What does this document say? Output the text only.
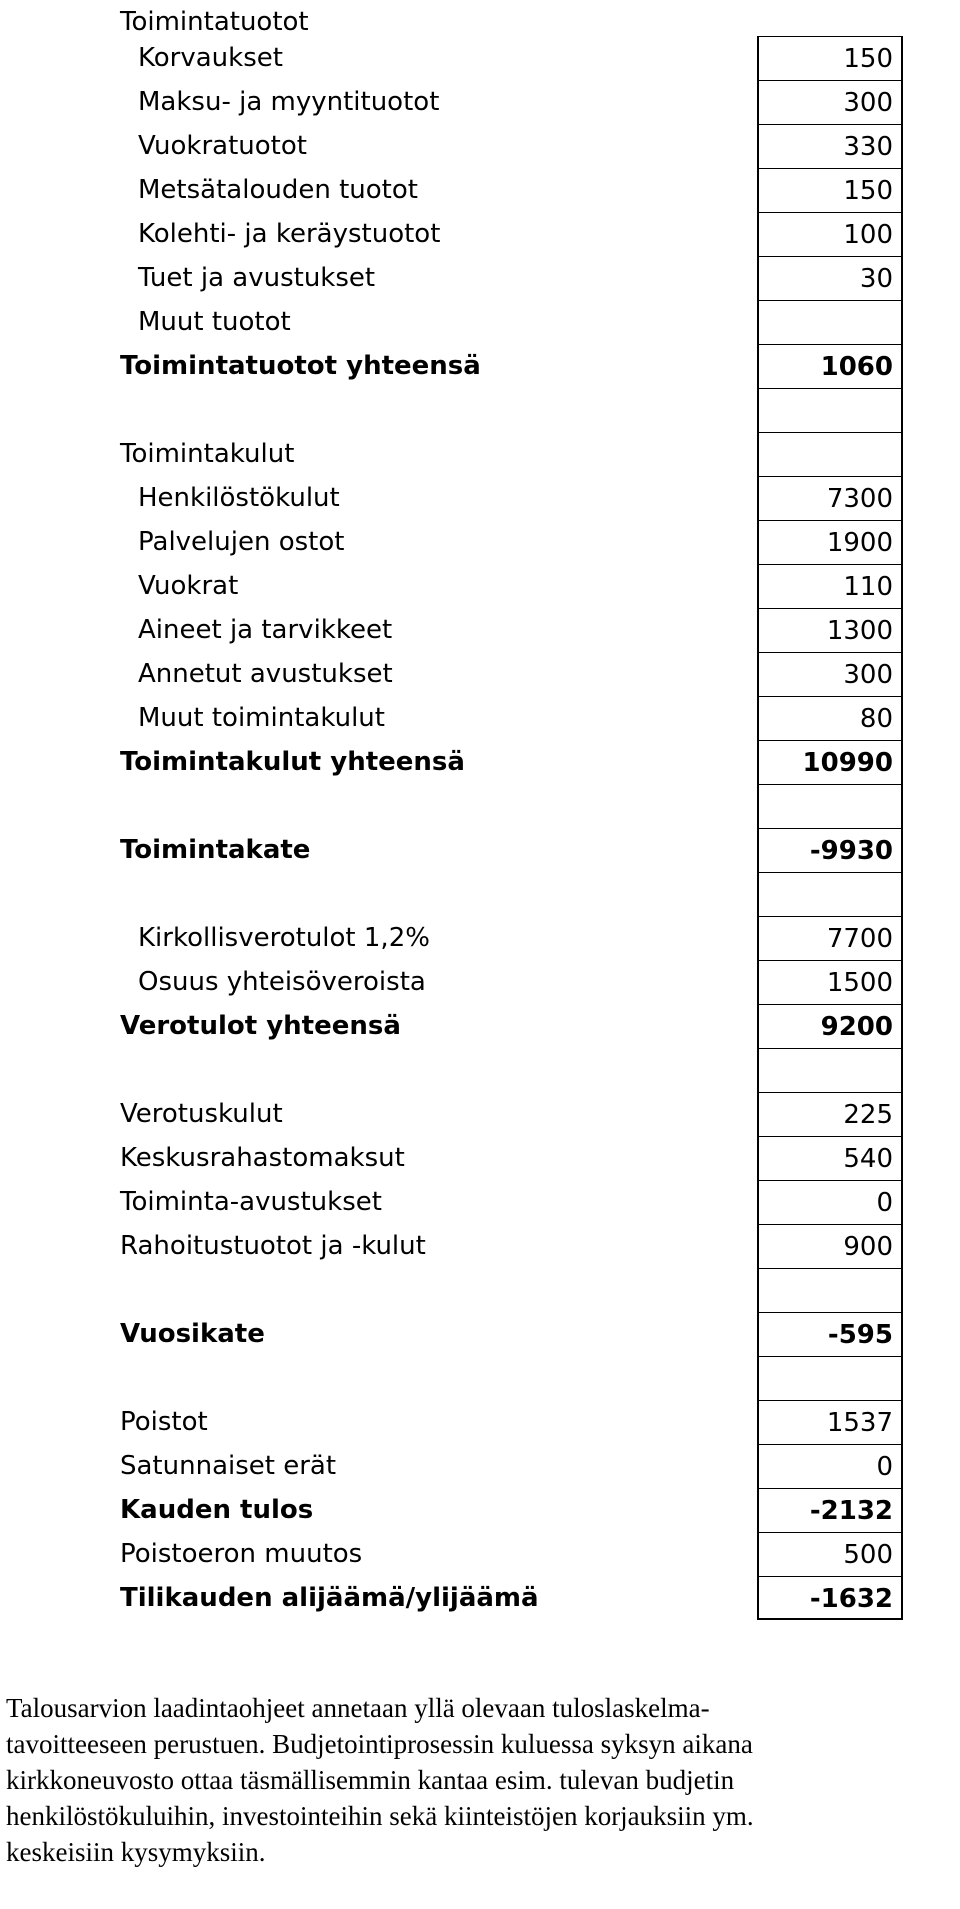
Toimintatuotot
Korvaukset	150
Maksu- ja myyntituotot	300
Vuokratuotot	330
Metsätalouden tuotot	150
Kolehti- ja keräystuotot	100
Tuet ja avustukset	30
Muut tuotot
Toimintatuotot yhteensä	1060
Toimintakulut
Henkilöstökulut	7300
Palvelujen ostot	1900
Vuokrat	110
Aineet ja tarvikkeet	1300
Annetut avustukset	300
Muut toimintakulut	80
Toimintakulut yhteensä	10990
Toimintakate	-9930
Kirkollisverotulot 1,2%	7700
Osuus yhteisöveroista	1500
Verotulot yhteensä	9200
Verotuskulut	225
Keskusrahastomaksut	540
Toiminta-avustukset	0
Rahoitustuotot ja -kulut	900
Vuosikate	-595
Poistot	1537
Satunnaiset erät	0
Kauden tulos	-2132
Poistoeron muutos	500
Tilikauden alijäämä/ylijäämä	-1632

Talousarvion laadintaohjeet annetaan yllä olevaan tuloslaskelma-

tavoitteeseen perustuen. Budjetointiprosessin kuluessa syksyn aikana

kirkkoneuvosto ottaa täsmällisemmin kantaa esim. tulevan budjetin

henkilöstökuluihin, investointeihin sekä kiinteistöjen korjauksiin ym.

keskeisiin kysymyksiin.
